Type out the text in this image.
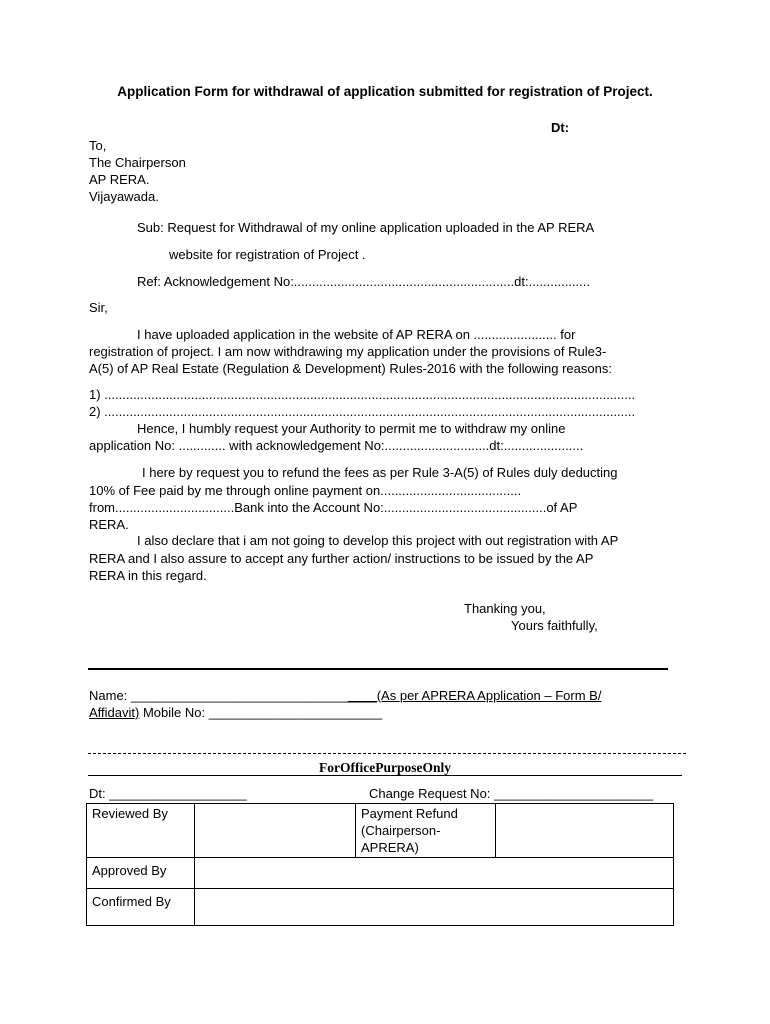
Application Form for withdrawal of application submitted for registration of Project.
Dt:
To,
The Chairperson
AP RERA.
Vijayawada.
Sub: Request for Withdrawal of my online application uploaded in the AP RERA
website for registration of Project .
Ref: Acknowledgement No:.............................................................dt:.................
Sir,
I have uploaded application in the website of AP RERA on ....................... for
registration of project. I am now withdrawing my application under the provisions of Rule3-
A(5) of AP Real Estate (Regulation & Development) Rules-2016 with the following reasons:
1) ...................................................................................................................................................
2) ...................................................................................................................................................
Hence, I humbly request your Authority to permit me to withdraw my online
application No: ............. with acknowledgement No:.............................dt:......................
I here by request you to refund the fees as per Rule 3-A(5) of Rules duly deducting
10% of Fee paid by me through online payment on.......................................
from.................................Bank into the Account No:.............................................of AP
RERA.
I also declare that i am not going to develop this project with out registration with AP
RERA and I also assure to accept any further action/ instructions to be issued by the AP
RERA in this regard.
Thanking you,
Yours faithfully,
Name: __________________________________(As per APRERA Application – Form B/
Affidavit) Mobile No: ________________________
ForOfficePurposeOnly
Dt: ___________________	Change Request No: ______________________
Reviewed By		Payment Refund
(Chairperson-
APRERA)	

Approved By			
Confirmed By			
